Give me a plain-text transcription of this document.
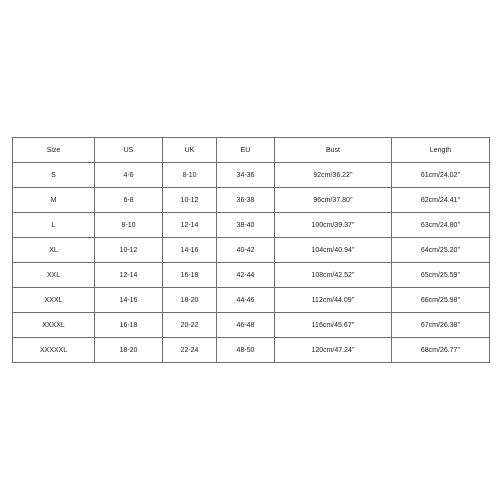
Size	US	UK	EU	Bust	Length
S	4-6	8-10	34-36	92cm/36.22''	61cm/24.02''
M	6-8	10-12	36-38	96cm/37.80''	62cm/24.41''
L	8-10	12-14	38-40	100cm/39.37''	63cm/24.80''
XL	10-12	14-16	40-42	104cm/40.94''	64cm/25.20''
XXL	12-14	16-18	42-44	108cm/42.52''	65cm/25.59''
XXXL	14-16	18-20	44-46	112cm/44.09''	66cm/25.98''
XXXXL	16-18	20-22	46-48	116cm/45.67''	67cm/26.38''
XXXXXL	18-20	22-24	48-50	120cm/47.24''	68cm/26.77''
